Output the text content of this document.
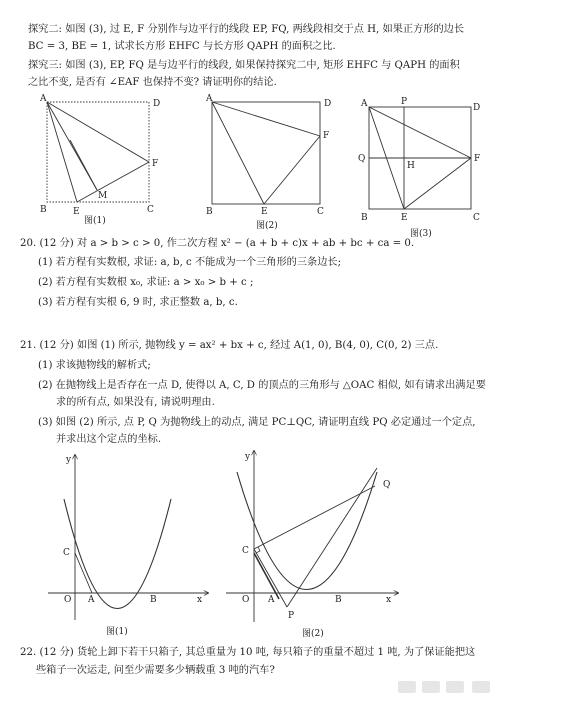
探究二: 如图 (3), 过 E, F 分别作与边平行的线段 EP, FQ, 两线段相交于点 H, 如果正方形的边长
BC = 3, BE = 1, 试求长方形 EHFC 与长方形 QAPH 的面积之比.
探究三: 如图 (3), EP, FQ 是与边平行的线段, 如果保持探究二中, 矩形 EHFC 与 QAPH 的面积
之比不变, 是否有 ∠EAF 也保持不变? 请证明你的结论.
A	D
B	E	C
F
M
图(1)
A	D
B	E	C
F
图(2)
A	P
D
Q
H
F
B	E	C
图(3)
20. (12 分) 对 a > b > c > 0, 作二次方程 x² − (a + b + c)x + ab + bc + ca = 0.
(1) 若方程有实数根, 求证: a, b, c 不能成为一个三角形的三条边长;
(2) 若方程有实数根 x₀, 求证: a > x₀ > b + c ;
(3) 若方程有实根 6, 9 时, 求正整数 a, b, c.
21. (12 分) 如图 (1) 所示, 抛物线 y = ax² + bx + c, 经过 A(1, 0), B(4, 0), C(0, 2) 三点.
(1) 求该抛物线的解析式;
(2) 在抛物线上是否存在一点 D, 使得以 A, C, D 的顶点的三角形与 △OAC 相似, 如有请求出满足要
求的所有点, 如果没有, 请说明理由.
(3) 如图 (2) 所示, 点 P, Q 为抛物线上的动点, 满足 PC⊥QC, 请证明直线 PQ 必定通过一个定点,
并求出这个定点的坐标.
y
x
O A	B
C
图(1)
y
x
O A	B
C
P
Q
图(2)
22. (12 分) 货轮上卸下若干只箱子, 其总重量为 10 吨, 每只箱子的重量不超过 1 吨, 为了保证能把这
些箱子一次运走, 问至少需要多少辆载重 3 吨的汽车?
